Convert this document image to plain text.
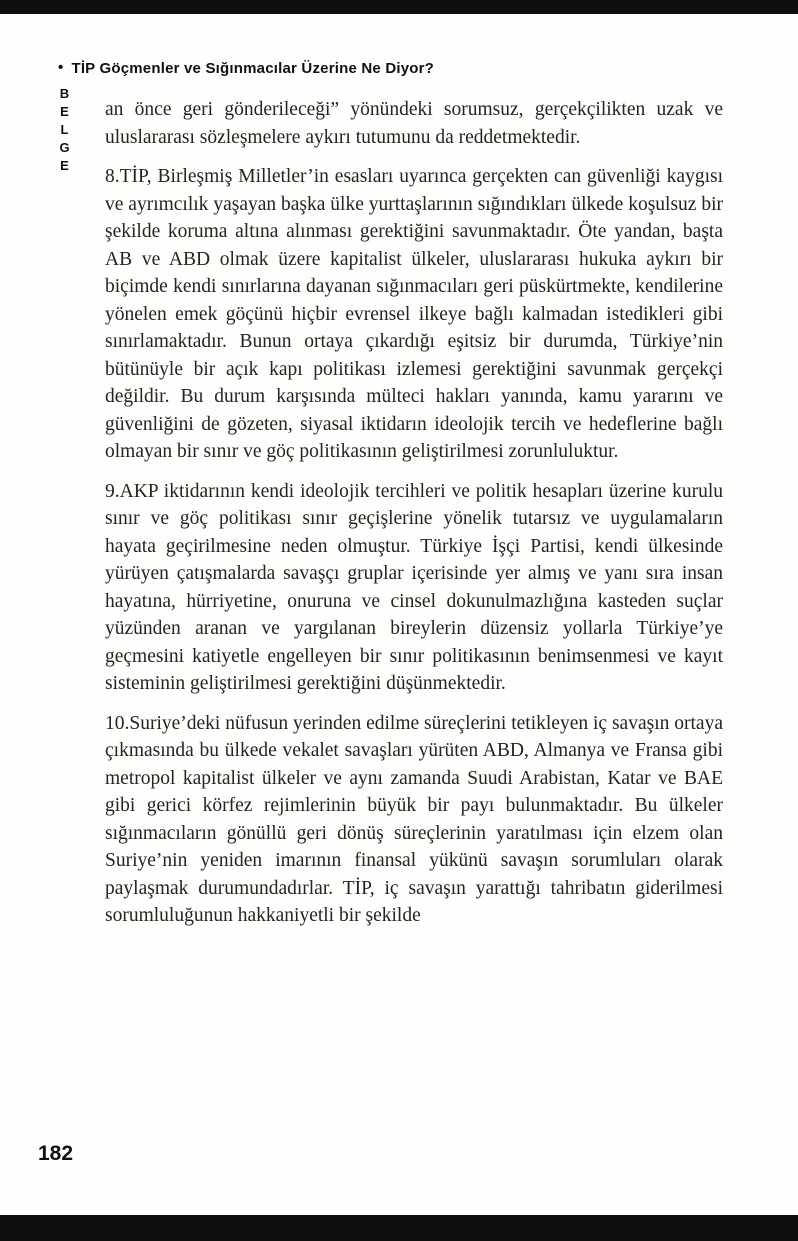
• TİP Göçmenler ve Sığınmacılar Üzerine Ne Diyor?
BELGE an önce geri gönderileceği” yönündeki sorumsuz, gerçekçilikten uzak ve uluslararası sözleşmelere aykırı tutumunu da reddetmektedir.

8.TİP, Birleşmiş Milletler’in esasları uyarınca gerçekten can güvenliği kaygısı ve ayrımcılık yaşayan başka ülke yurttaşlarının sığındıkları ülkede koşulsuz bir şekilde koruma altına alınması gerektiğini savunmaktadır. Öte yandan, başta AB ve ABD olmak üzere kapitalist ülkeler, uluslararası hukuka aykırı bir biçimde kendi sınırlarına dayanan sığınmacıları geri püskürtmekte, kendilerine yönelen emek göçünü hiçbir evrensel ilkeye bağlı kalmadan istedikleri gibi sınırlamaktadır. Bunun ortaya çıkardığı eşitsiz bir durumda, Türkiye’nin bütünüyle bir açık kapı politikası izlemesi gerektiğini savunmak gerçekçi değildir. Bu durum karşısında mülteci hakları yanında, kamu yararını ve güvenliğini de gözeten, siyasal iktidarın ideolojik tercih ve hedeflerine bağlı olmayan bir sınır ve göç politikasının geliştirilmesi zorunluluktur.

9.AKP iktidarının kendi ideolojik tercihleri ve politik hesapları üzerine kurulu sınır ve göç politikası sınır geçişlerine yönelik tutarsız ve uygulamaların hayata geçirilmesine neden olmuştur. Türkiye İşçi Partisi, kendi ülkesinde yürüyen çatışmalarda savaşçı gruplar içerisinde yer almış ve yanı sıra insan hayatına, hürriyetine, onuruna ve cinsel dokunulmazlığına kasteden suçlar yüzünden aranan ve yargılanan bireylerin düzensiz yollarla Türkiye’ye geçmesini katiyetle engelleyen bir sınır politikasının benimsenmesi ve kayıt sisteminin geliştirilmesi gerektiğini düşünmektedir.

10.Suriye’deki nüfusun yerinden edilme süreçlerini tetikleyen iç savaşın ortaya çıkmasında bu ülkede vekalet savaşları yürüten ABD, Almanya ve Fransa gibi metropol kapitalist ülkeler ve aynı zamanda Suudi Arabistan, Katar ve BAE gibi gerici körfez rejimlerinin büyük bir payı bulunmaktadır. Bu ülkeler sığınmacıların gönüllü geri dönüş süreçlerinin yaratılması için elzem olan Suriye’nin yeniden imarının finansal yükünü savaşın sorumluları olarak paylaşmak durumundadırlar. TİP, iç savaşın yarattığı tahribatın giderilmesi sorumluluğunun hakkaniyetli bir şekilde

182
